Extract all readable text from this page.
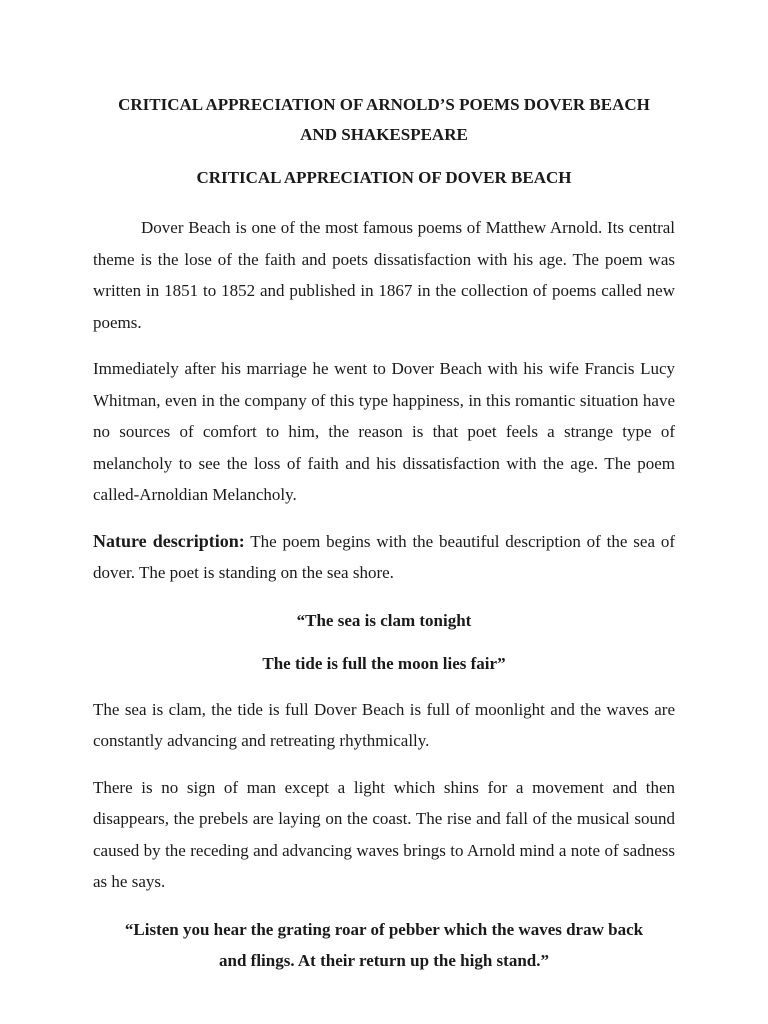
CRITICAL APPRECIATION OF ARNOLD’S POEMS DOVER BEACH
AND SHAKESPEARE
CRITICAL APPRECIATION OF DOVER BEACH

Dover Beach is one of the most famous poems of Matthew Arnold. Its central theme is the lose of the faith and poets dissatisfaction with his age. The poem was written in 1851 to 1852 and published in 1867 in the collection of poems called new poems.

Immediately after his marriage he went to Dover Beach with his wife Francis Lucy Whitman, even in the company of this type happiness, in this romantic situation have no sources of comfort to him, the reason is that poet feels a strange type of melancholy to see the loss of faith and his dissatisfaction with the age. The poem called-Arnoldian Melancholy.

Nature description: The poem begins with the beautiful description of the sea of dover. The poet is standing on the sea shore.

“The sea is clam tonight

The tide is full the moon lies fair”

The sea is clam, the tide is full Dover Beach is full of moonlight and the waves are constantly advancing and retreating rhythmically.

There is no sign of man except a light which shins for a movement and then disappears, the prebels are laying on the coast. The rise and fall of the musical sound caused by the receding and advancing waves brings to Arnold mind a note of sadness as he says.

“Listen you hear the grating roar of pebber which the waves draw back

and flings. At their return up the high stand.”
